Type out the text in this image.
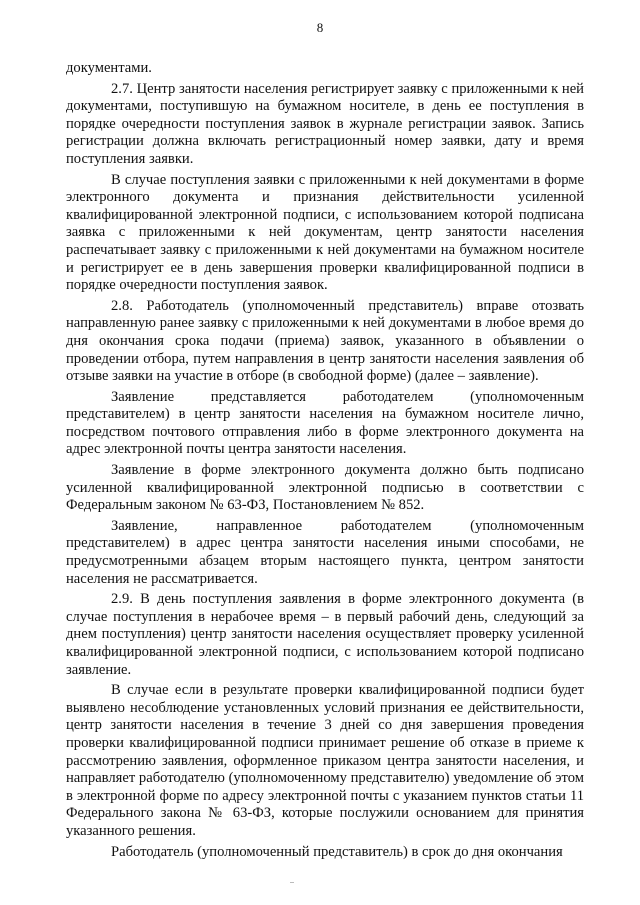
8

документами.

2.7. Центр занятости населения регистрирует заявку с приложенными к ней документами, поступившую на бумажном носителе, в день ее поступления в порядке очередности поступления заявок в журнале регистрации заявок. Запись регистрации должна включать регистрационный номер заявки, дату и время поступления заявки.

В случае поступления заявки с приложенными к ней документами в форме электронного документа и признания действительности усиленной квалифицированной электронной подписи, с использованием которой подписана заявка с приложенными к ней документам, центр занятости населения распечатывает заявку с приложенными к ней документами на бумажном носителе и регистрирует ее в день завершения проверки квалифицированной подписи в порядке очередности поступления заявок.

2.8. Работодатель (уполномоченный представитель) вправе отозвать направленную ранее заявку с приложенными к ней документами в любое время до дня окончания срока подачи (приема) заявок, указанного в объявлении о проведении отбора, путем направления в центр занятости населения заявления об отзыве заявки на участие в отборе (в свободной форме) (далее – заявление).

Заявление представляется работодателем (уполномоченным представителем) в центр занятости населения на бумажном носителе лично, посредством почтового отправления либо в форме электронного документа на адрес электронной почты центра занятости населения.

Заявление в форме электронного документа должно быть подписано усиленной квалифицированной электронной подписью в соответствии с Федеральным законом № 63-ФЗ, Постановлением № 852.

Заявление, направленное работодателем (уполномоченным представителем) в адрес центра занятости населения иными способами, не предусмотренными абзацем вторым настоящего пункта, центром занятости населения не рассматривается.

2.9. В день поступления заявления в форме электронного документа (в случае поступления в нерабочее время – в первый рабочий день, следующий за днем поступления) центр занятости населения осуществляет проверку усиленной квалифицированной электронной подписи, с использованием которой подписано заявление.

В случае если в результате проверки квалифицированной подписи будет выявлено несоблюдение установленных условий признания ее действительности, центр занятости населения в течение 3 дней со дня завершения проведения проверки квалифицированной подписи принимает решение об отказе в приеме к рассмотрению заявления, оформленное приказом центра занятости населения, и направляет работодателю (уполномоченному представителю) уведомление об этом в электронной форме по адресу электронной почты с указанием пунктов статьи 11 Федерального закона № 63-ФЗ, которые послужили основанием для принятия указанного решения.

Работодатель (уполномоченный представитель) в срок до дня окончания
